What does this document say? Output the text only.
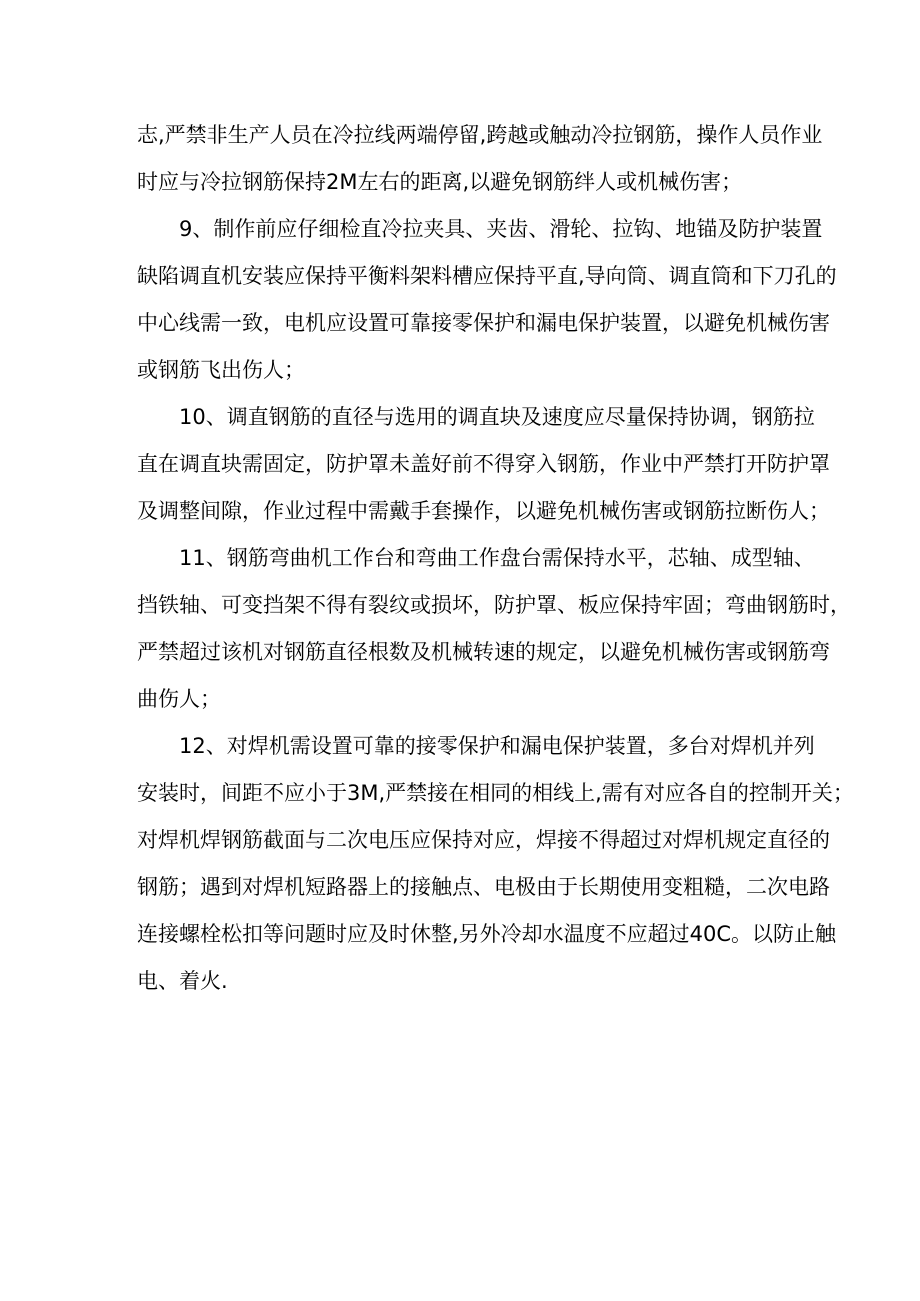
志,严禁非生产人员在冷拉线两端停留,跨越或触动冷拉钢筋，操作人员作业
时应与冷拉钢筋保持2M左右的距离,以避免钢筋绊人或机械伤害；

9、制作前应仔细检直冷拉夹具、夹齿、滑轮、拉钩、地锚及防护装置
缺陷调直机安装应保持平衡料架料槽应保持平直,导向筒、调直筒和下刀孔的
中心线需一致，电机应设置可靠接零保护和漏电保护装置，以避免机械伤害
或钢筋飞出伤人；

10、调直钢筋的直径与选用的调直块及速度应尽量保持协调，钢筋拉
直在调直块需固定，防护罩未盖好前不得穿入钢筋，作业中严禁打开防护罩
及调整间隙，作业过程中需戴手套操作，以避免机械伤害或钢筋拉断伤人；

11、钢筋弯曲机工作台和弯曲工作盘台需保持水平，芯轴、成型轴、
挡铁轴、可变挡架不得有裂纹或损坏，防护罩、板应保持牢固；弯曲钢筋时，
严禁超过该机对钢筋直径根数及机械转速的规定，以避免机械伤害或钢筋弯
曲伤人；

12、对焊机需设置可靠的接零保护和漏电保护装置，多台对焊机并列
安装时，间距不应小于3M,严禁接在相同的相线上,需有对应各自的控制开关；
对焊机焊钢筋截面与二次电压应保持对应，焊接不得超过对焊机规定直径的
钢筋；遇到对焊机短路器上的接触点、电极由于长期使用变粗糙，二次电路
连接螺栓松扣等问题时应及时休整,另外冷却水温度不应超过40C。以防止触
电、着火.
